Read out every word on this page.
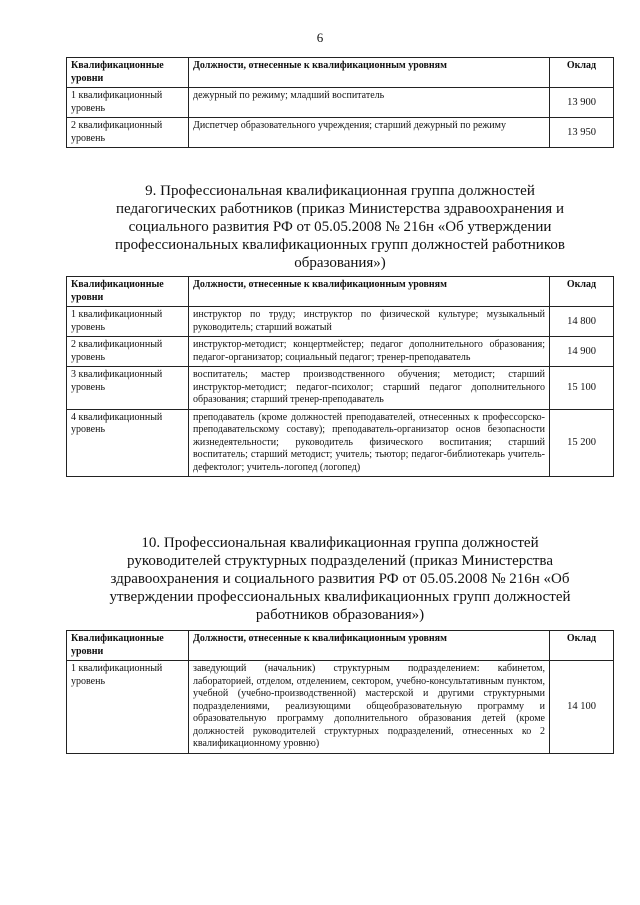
6
Квалификационные уровни	Должности, отнесенные к квалификационным уровням	Оклад
1 квалификационный уровень	дежурный по режиму; младший воспитатель	13 900
2 квалификационный уровень	Диспетчер образовательного учреждения; старший дежурный по режиму	13 950
9. Профессиональная квалификационная группа должностей педагогических работников (приказ Министерства здравоохранения и социального развития РФ от 05.05.2008 № 216н «Об утверждении профессиональных квалификационных групп должностей работников образования»)
Квалификационные уровни	Должности, отнесенные к квалификационным уровням	Оклад
1 квалификационный уровень	инструктор по труду; инструктор по физической культуре; музыкальный руководитель; старший вожатый	14 800
2 квалификационный уровень	инструктор-методист; концертмейстер; педагог дополнительного образования; педагог-организатор; социальный педагог; тренер-преподаватель	14 900
3 квалификационный уровень	воспитатель; мастер производственного обучения; методист; старший инструктор-методист; педагог-психолог; старший педагог дополнительного образования; старший тренер-преподаватель	15 100
4 квалификационный уровень	преподаватель (кроме должностей преподавателей, отнесенных к профессорско-преподавательскому составу); преподаватель-организатор основ безопасности жизнедеятельности; руководитель физического воспитания; старший воспитатель; старший методист; учитель; тьютор; педагог-библиотекарь учитель-дефектолог; учитель-логопед (логопед)	15 200
10. Профессиональная квалификационная группа должностей руководителей структурных подразделений (приказ Министерства здравоохранения и социального развития РФ от 05.05.2008 № 216н «Об утверждении профессиональных квалификационных групп должностей работников образования»)
Квалификационные уровни	Должности, отнесенные к квалификационным уровням	Оклад
1 квалификационный уровень	заведующий (начальник) структурным подразделением: кабинетом, лабораторией, отделом, отделением, сектором, учебно-консультативным пунктом, учебной (учебно-производственной) мастерской и другими структурными подразделениями, реализующими общеобразовательную программу и образовательную программу дополнительного образования детей (кроме должностей руководителей структурных подразделений, отнесенных ко 2 квалификационному уровню)	14 100
